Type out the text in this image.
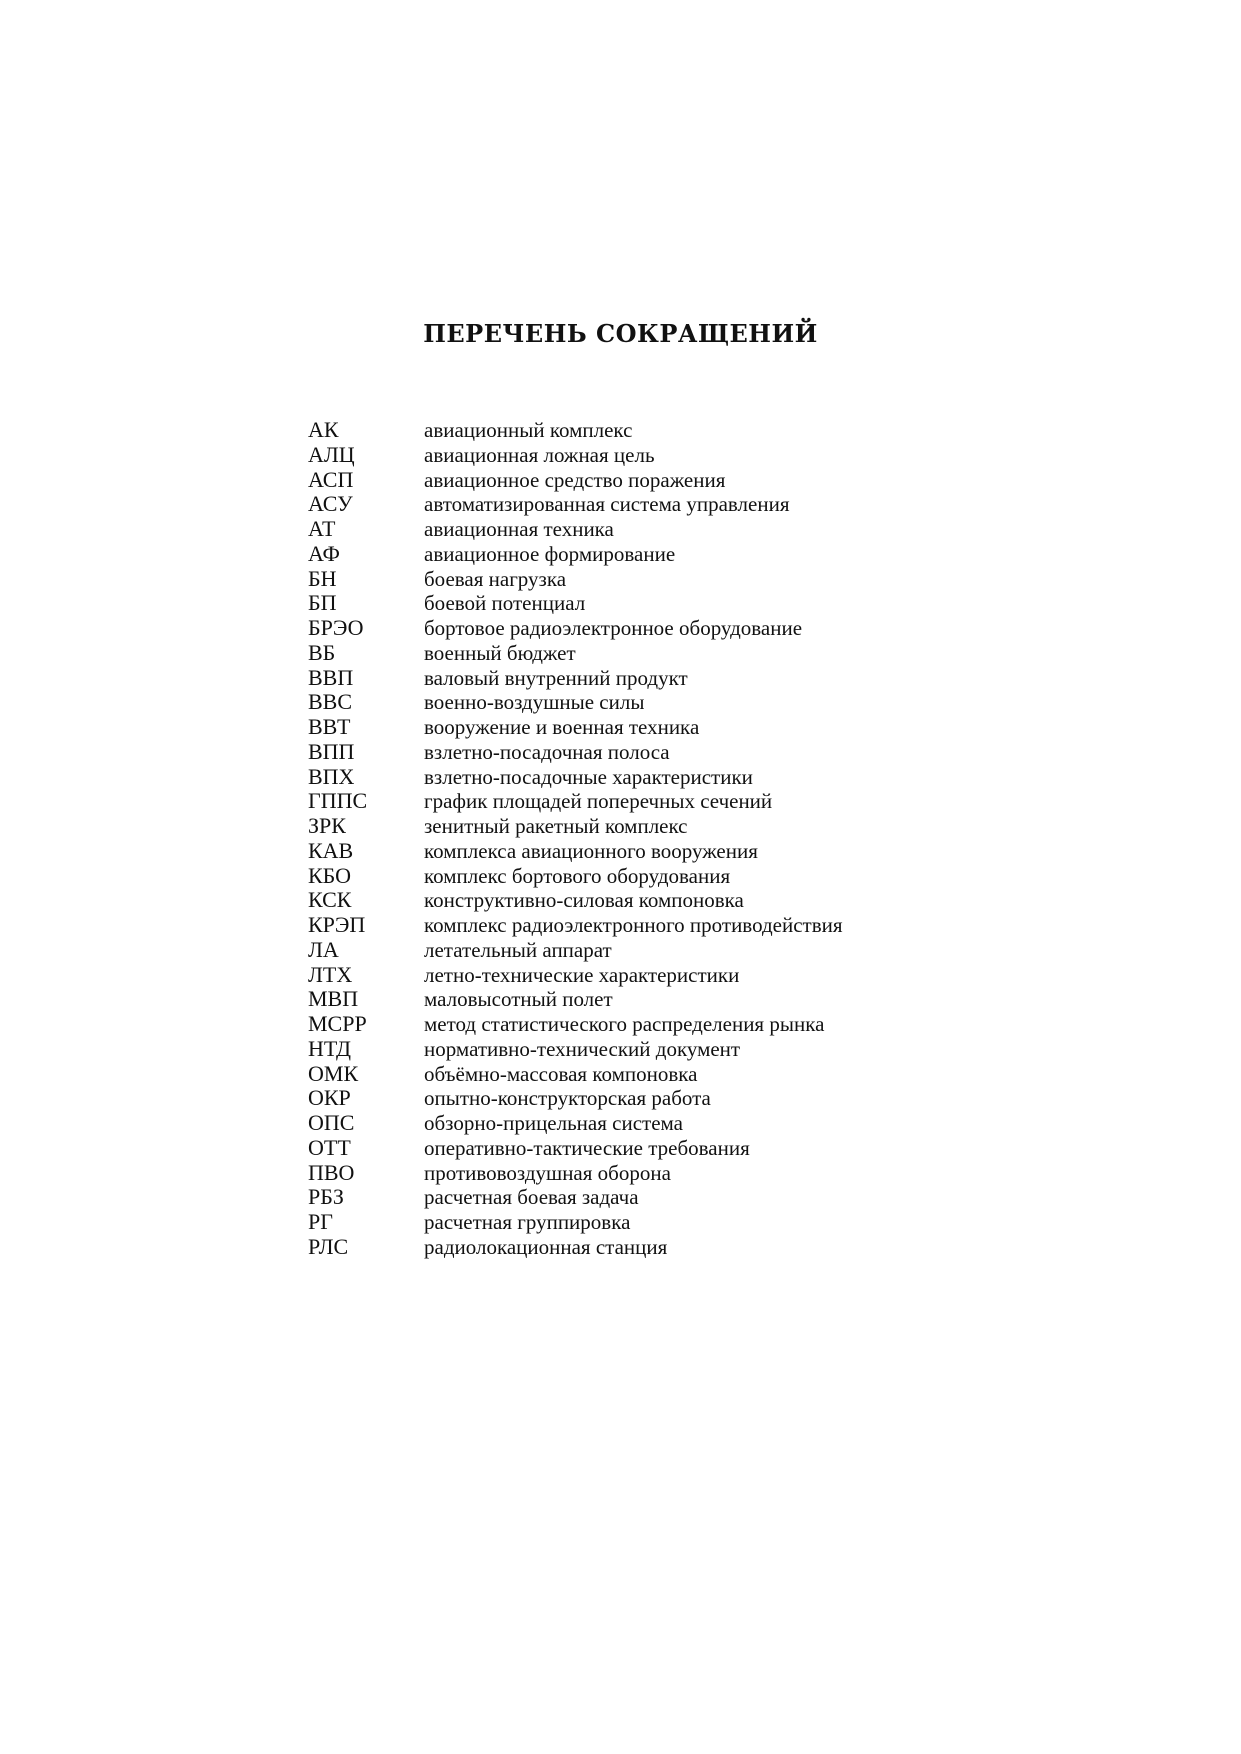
ПЕРЕЧЕНЬ СОКРАЩЕНИЙ
АК	авиационный комплекс
АЛЦ	авиационная ложная цель
АСП	авиационное средство поражения
АСУ	автоматизированная система управления
АТ	авиационная техника
АФ	авиационное формирование
БН	боевая нагрузка
БП	боевой потенциал
БРЭО	бортовое радиоэлектронное оборудование
ВБ	военный бюджет
ВВП	валовый внутренний продукт
ВВС	военно-воздушные силы
ВВТ	вооружение и военная техника
ВПП	взлетно-посадочная полоса
ВПХ	взлетно-посадочные характеристики
ГППС	график площадей поперечных сечений
ЗРК	зенитный ракетный комплекс
КАВ	комплекса авиационного вооружения
КБО	комплекс бортового оборудования
КСК	конструктивно-силовая компоновка
КРЭП	комплекс радиоэлектронного противодействия
ЛА	летательный аппарат
ЛТХ	летно-технические характеристики
МВП	маловысотный полет
МСРР	метод статистического распределения рынка
НТД	нормативно-технический документ
ОМК	объёмно-массовая компоновка
ОКР	опытно-конструкторская работа
ОПС	обзорно-прицельная система
ОТТ	оперативно-тактические требования
ПВО	противовоздушная оборона
РБЗ	расчетная боевая задача
РГ	расчетная группировка
РЛС	радиолокационная станция
